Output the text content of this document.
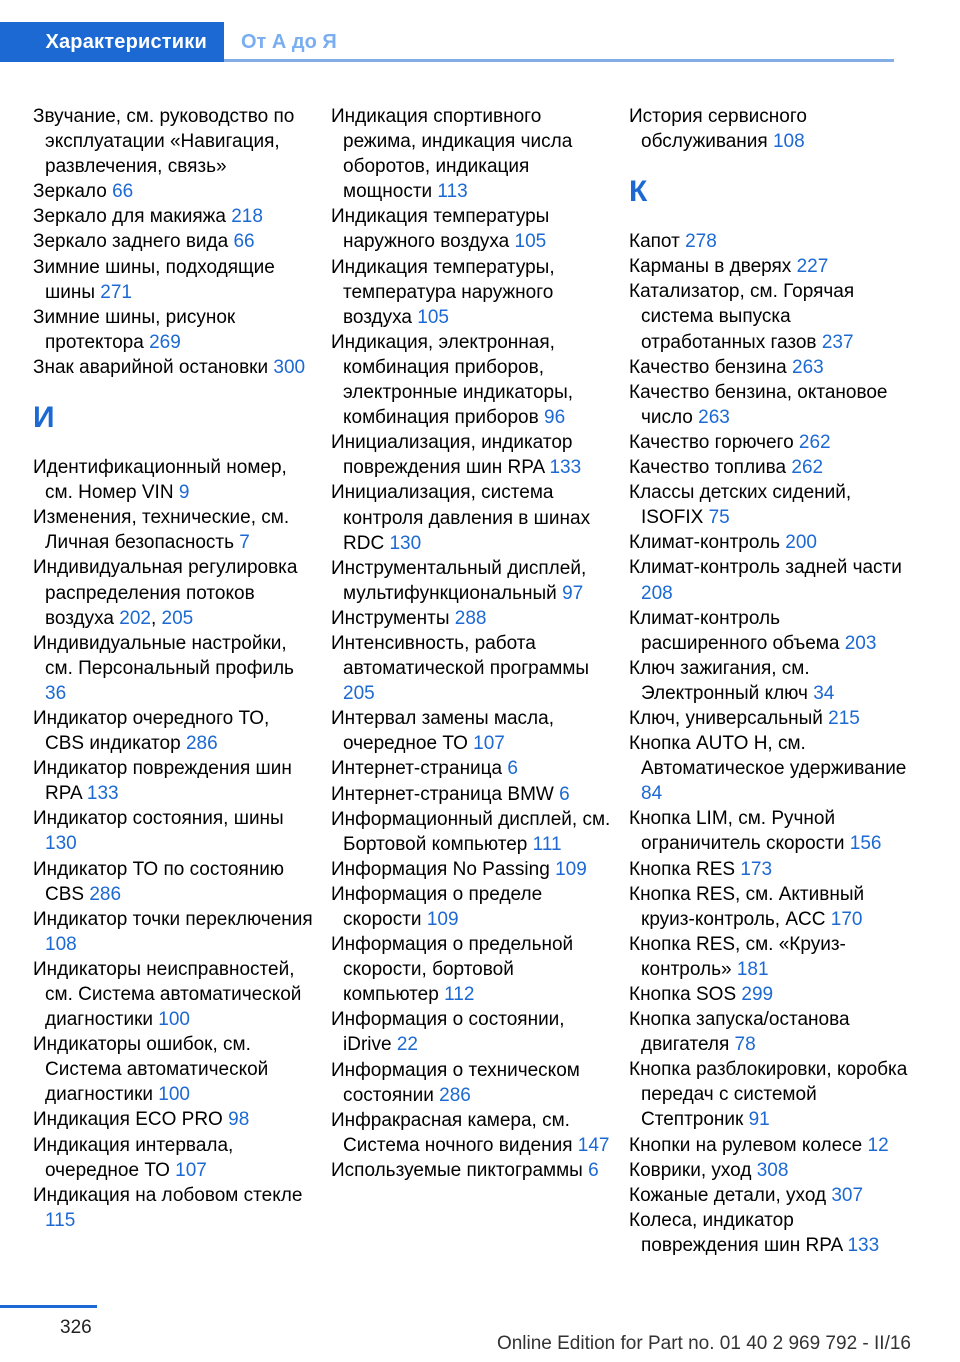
Характеристики От А до Я
Звучание, см. руководство по эксплуатации «Навигация, развлечения, связь»
Зеркало 66
Зеркало для макияжа 218
Зеркало заднего вида 66
Зимние шины, подходящие шины 271
Зимние шины, рисунок протектора 269
Знак аварийной остановки 300
И
Идентификационный номер, см. Номер VIN 9
Изменения, технические, см. Личная безопасность 7
Индивидуальная регулировка распределения потоков воздуха 202, 205
Индивидуальные настройки, см. Персональный профиль 36
Индикатор очередного ТО, CBS индикатор 286
Индикатор повреждения шин RPA 133
Индикатор состояния, шины 130
Индикатор ТО по состоянию CBS 286
Индикатор точки переключения 108
Индикаторы неисправностей, см. Система автоматической диагностики 100
Индикаторы ошибок, см. Система автоматической диагностики 100
Индикация ECO PRO 98
Индикация интервала, очередное ТО 107
Индикация на лобовом стекле 115
Индикация спортивного режима, индикация числа оборотов, индикация мощности 113
Индикация температуры наружного воздуха 105
Индикация температуры, температура наружного воздуха 105
Индикация, электронная, комбинация приборов, электронные индикаторы, комбинация приборов 96
Инициализация, индикатор повреждения шин RPA 133
Инициализация, система контроля давления в шинах RDC 130
Инструментальный дисплей, мультифункциональный 97
Инструменты 288
Интенсивность, работа автоматической программы 205
Интервал замены масла, очередное ТО 107
Интернет-страница 6
Интернет-страница BMW 6
Информационный дисплей, см. Бортовой компьютер 111
Информация No Passing 109
Информация о пределе скорости 109
Информация о предельной скорости, бортовой компьютер 112
Информация о состоянии, iDrive 22
Информация о техническом состоянии 286
Инфракрасная камера, см. Система ночного видения 147
Используемые пиктограммы 6
История сервисного обслуживания 108
К
Капот 278
Карманы в дверях 227
Катализатор, см. Горячая система выпуска отработанных газов 237
Качество бензина 263
Качество бензина, октановое число 263
Качество горючего 262
Качество топлива 262
Классы детских сидений, ISOFIX 75
Климат-контроль 200
Климат-контроль задней части 208
Климат-контроль расширенного объема 203
Ключ зажигания, см. Электронный ключ 34
Ключ, универсальный 215
Кнопка AUTO H, см. Автоматическое удерживание 84
Кнопка LIM, см. Ручной ограничитель скорости 156
Кнопка RES 173
Кнопка RES, см. Активный круиз-контроль, ACC 170
Кнопка RES, см. «Круиз-контроль» 181
Кнопка SOS 299
Кнопка запуска/останова двигателя 78
Кнопка разблокировки, коробка передач с системой Стептроник 91
Кнопки на рулевом колесе 12
Коврики, уход 308
Кожаные детали, уход 307
Колеса, индикатор повреждения шин RPA 133
326
Online Edition for Part no. 01 40 2 969 792 - II/16
